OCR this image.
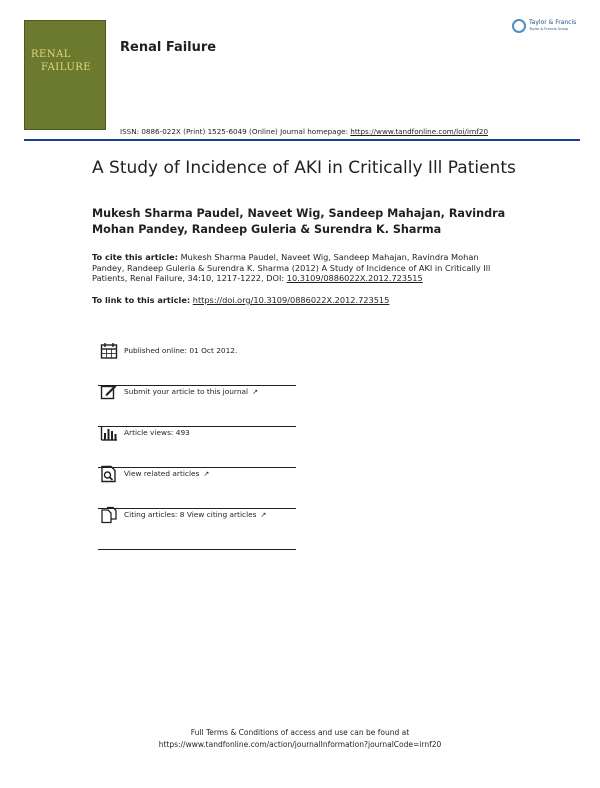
RENAL
FAILURE
Renal Failure
Taylor & Francis
Taylor & Francis Group
ISSN: 0886-022X (Print) 1525-6049 (Online) Journal homepage: https://www.tandfonline.com/loi/irnf20
A Study of Incidence of AKI in Critically Ill Patients
Mukesh Sharma Paudel, Naveet Wig, Sandeep Mahajan, Ravindra Mohan Pandey, Randeep Guleria & Surendra K. Sharma
To cite this article: Mukesh Sharma Paudel, Naveet Wig, Sandeep Mahajan, Ravindra Mohan Pandey, Randeep Guleria & Surendra K. Sharma (2012) A Study of Incidence of AKI in Critically Ill Patients, Renal Failure, 34:10, 1217-1222, DOI: 10.3109/0886022X.2012.723515
To link to this article: https://doi.org/10.3109/0886022X.2012.723515
Published online: 01 Oct 2012.
Submit your article to this journal ↗
Article views: 493
View related articles ↗
Citing articles: 8 View citing articles ↗
Full Terms & Conditions of access and use can be found at
https://www.tandfonline.com/action/journalInformation?journalCode=irnf20
